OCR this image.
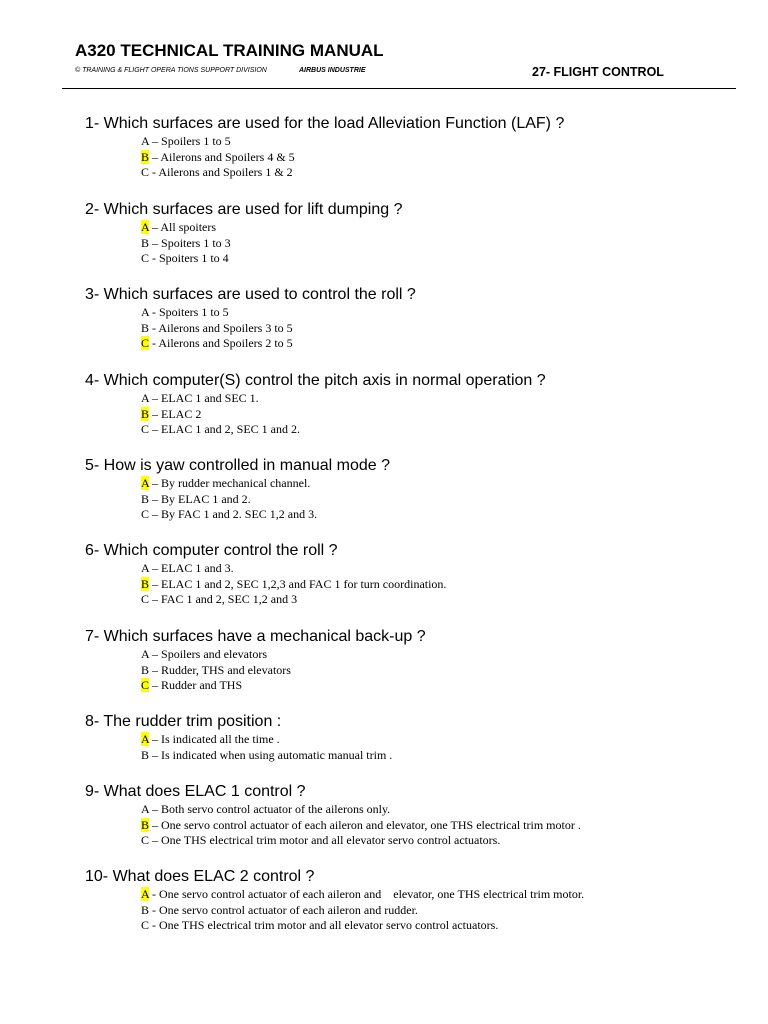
A320 TECHNICAL TRAINING MANUAL
© TRAINING & FLIGHT OPERA TIONS SUPPORT DIVISION	AIRBUS INDUSTRIE	27- FLIGHT CONTROL
1- Which surfaces are used for the load Alleviation Function (LAF) ?
A – Spoilers 1 to 5
B – Ailerons and Spoilers 4 & 5
C - Ailerons and Spoilers 1 & 2
2- Which surfaces are used for lift dumping ?
A – All spoiters
B – Spoiters 1 to 3
C - Spoiters 1 to 4
3- Which surfaces are used to control the roll ?
A - Spoiters 1 to 5
B - Ailerons and Spoilers 3 to 5
C - Ailerons and Spoilers 2 to 5
4- Which computer(S) control the pitch axis in normal operation ?
A – ELAC 1 and SEC 1.
B – ELAC 2
C – ELAC 1 and 2, SEC 1 and 2.
5- How is yaw controlled in manual mode ?
A – By rudder mechanical channel.
B – By ELAC 1 and 2.
C – By FAC 1 and 2. SEC 1,2 and 3.
6- Which computer control the roll ?
A – ELAC 1 and 3.
B – ELAC 1 and 2, SEC 1,2,3 and FAC 1 for turn coordination.
C – FAC 1 and 2, SEC 1,2 and 3
7- Which surfaces have a mechanical back-up ?
A – Spoilers and elevators
B – Rudder, THS and elevators
C – Rudder and THS
8- The rudder trim position :
A – Is indicated all the time .
B – Is indicated when using automatic manual trim .
9- What does ELAC 1 control ?
A – Both servo control actuator of the ailerons only.
B – One servo control actuator of each aileron and elevator, one THS electrical trim motor .
C – One THS electrical trim motor and all elevator servo control actuators.
10- What does ELAC 2 control ?
A - One servo control actuator of each aileron and    elevator, one THS electrical trim motor.
B - One servo control actuator of each aileron and rudder.
C - One THS electrical trim motor and all elevator servo control actuators.
